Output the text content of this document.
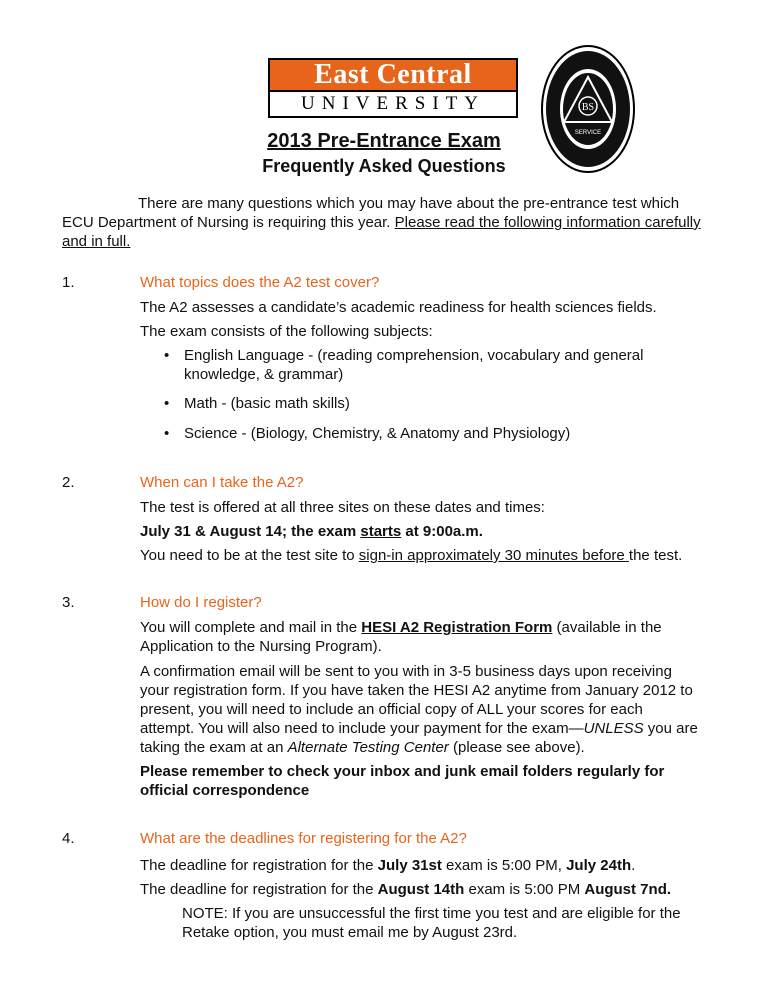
East Central
UNIVERSITY	BS
SERVICE
2013 Pre-Entrance Exam
Frequently Asked Questions
There are many questions which you may have about the pre-entrance test which ECU Department of Nursing is requiring this year. Please read the following information carefully and in full.
1.	What topics does the A2 test cover?
The A2 assesses a candidate’s academic readiness for health sciences fields.
The exam consists of the following subjects:
• English Language - (reading comprehension, vocabulary and general knowledge, & grammar)
• Math - (basic math skills)
• Science - (Biology, Chemistry, & Anatomy and Physiology)
2.	When can I take the A2?
The test is offered at all three sites on these dates and times:
July 31 & August 14; the exam starts at 9:00a.m.
You need to be at the test site to sign-in approximately 30 minutes before the test.
3.	How do I register?
You will complete and mail in the HESI A2 Registration Form (available in the Application to the Nursing Program).
A confirmation email will be sent to you with in 3-5 business days upon receiving your registration form. If you have taken the HESI A2 anytime from January 2012 to present, you will need to include an official copy of ALL your scores for each attempt. You will also need to include your payment for the exam—UNLESS you are taking the exam at an Alternate Testing Center (please see above).
Please remember to check your inbox and junk email folders regularly for official correspondence
4.	What are the deadlines for registering for the A2?
The deadline for registration for the July 31st exam is 5:00 PM, July 24th.
The deadline for registration for the August 14th exam is 5:00 PM August 7nd.
NOTE: If you are unsuccessful the first time you test and are eligible for the Retake option, you must email me by August 23rd.
